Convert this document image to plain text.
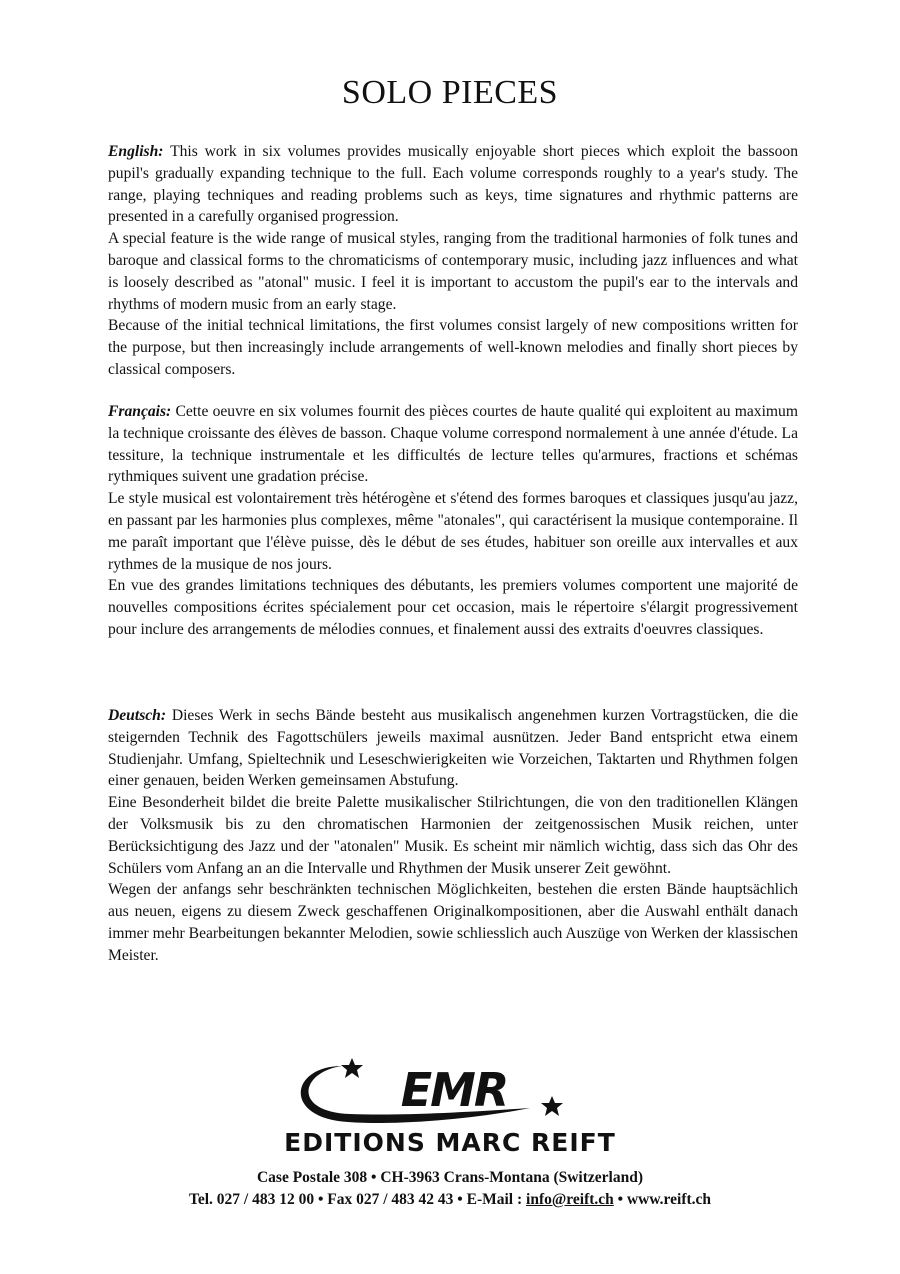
SOLO PIECES

English: This work in six volumes provides musically enjoyable short pieces which exploit the bassoon pupil's gradually expanding technique to the full. Each volume corresponds roughly to a year's study. The range, playing techniques and reading problems such as keys, time signatures and rhythmic patterns are presented in a carefully organised progression.

A special feature is the wide range of musical styles, ranging from the traditional harmonies of folk tunes and baroque and classical forms to the chromaticisms of contemporary music, including jazz influences and what is loosely described as "atonal" music. I feel it is important to accustom the pupil's ear to the intervals and rhythms of modern music from an early stage.

Because of the initial technical limitations, the first volumes consist largely of new compositions written for the purpose, but then increasingly include arrangements of well-known melodies and finally short pieces by classical composers.

Français: Cette oeuvre en six volumes fournit des pièces courtes de haute qualité qui exploitent au maximum la technique croissante des élèves de basson. Chaque volume correspond normalement à une année d'étude. La tessiture, la technique instrumentale et les difficultés de lecture telles qu'armures, fractions et schémas rythmiques suivent une gradation précise.

Le style musical est volontairement très hétérogène et s'étend des formes baroques et classiques jusqu'au jazz, en passant par les harmonies plus complexes, même "atonales", qui caractérisent la musique contemporaine. Il me paraît important que l'élève puisse, dès le début de ses études, habituer son oreille aux intervalles et aux rythmes de la musique de nos jours.

En vue des grandes limitations techniques des débutants, les premiers volumes comportent une majorité de nouvelles compositions écrites spécialement pour cet occasion, mais le répertoire s'élargit progressivement pour inclure des arrangements de mélodies connues, et finalement aussi des extraits d'oeuvres classiques.

Deutsch: Dieses Werk in sechs Bände besteht aus musikalisch angenehmen kurzen Vortragstücken, die die steigernden Technik des Fagottschülers jeweils maximal ausnützen. Jeder Band entspricht etwa einem Studienjahr. Umfang, Spieltechnik und Leseschwierigkeiten wie Vorzeichen, Taktarten und Rhythmen folgen einer genauen, beiden Werken gemeinsamen Abstufung.

Eine Besonderheit bildet die breite Palette musikalischer Stilrichtungen, die von den traditionellen Klängen der Volksmusik bis zu den chromatischen Harmonien der zeitgenossischen Musik reichen, unter Berücksichtigung des Jazz und der "atonalen" Musik. Es scheint mir nämlich wichtig, dass sich das Ohr des Schülers vom Anfang an an die Intervalle und Rhythmen der Musik unserer Zeit gewöhnt.

Wegen der anfangs sehr beschränkten technischen Möglichkeiten, bestehen die ersten Bände hauptsächlich aus neuen, eigens zu diesem Zweck geschaffenen Originalkompositionen, aber die Auswahl enthält danach immer mehr Bearbeitungen bekannter Melodien, sowie schliesslich auch Auszüge von Werken der klassischen Meister.

EMR
EDITIONS MARC REIFT

Case Postale 308 • CH-3963 Crans-Montana (Switzerland)

Tel. 027 / 483 12 00 • Fax 027 / 483 42 43 • E-Mail : info@reift.ch • www.reift.ch
